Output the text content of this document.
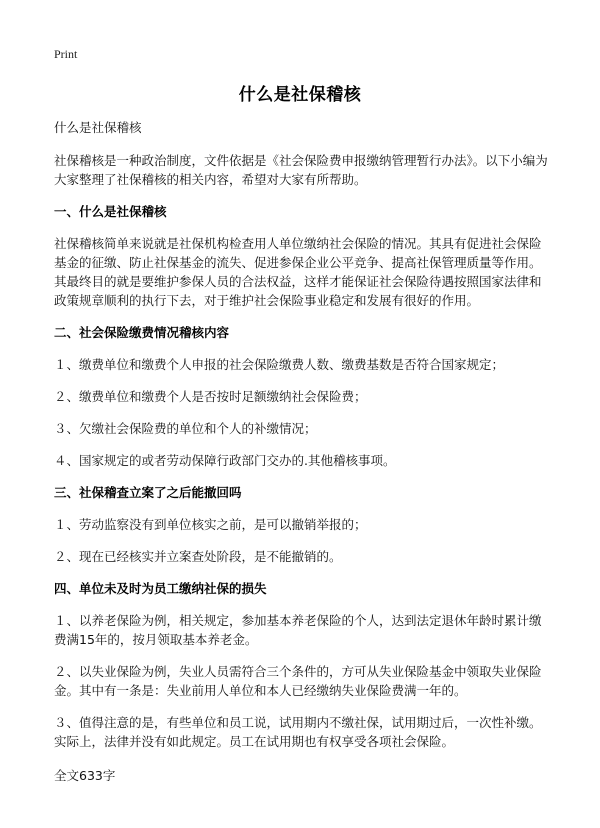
Print
什么是社保稽核

什么是社保稽核

社保稽核是一种政治制度，文件依据是《社会保险费申报缴纳管理暂行办法》。以下小编为大家整理了社保稽核的相关内容，希望对大家有所帮助。

一、什么是社保稽核

社保稽核简单来说就是社保机构检查用人单位缴纳社会保险的情况。其具有促进社会保险基金的征缴、防止社保基金的流失、促进参保企业公平竞争、提高社保管理质量等作用。其最终目的就是要维护参保人员的合法权益，这样才能保证社会保险待遇按照国家法律和政策规章顺利的执行下去，对于维护社会保险事业稳定和发展有很好的作用。

二、社会保险缴费情况稽核内容

１、缴费单位和缴费个人申报的社会保险缴费人数、缴费基数是否符合国家规定；

２、缴费单位和缴费个人是否按时足额缴纳社会保险费；

３、欠缴社会保险费的单位和个人的补缴情况；

４、国家规定的或者劳动保障行政部门交办的.其他稽核事项。

三、社保稽查立案了之后能撤回吗

１、劳动监察没有到单位核实之前，是可以撤销举报的；

２、现在已经核实并立案查处阶段，是不能撤销的。

四、单位未及时为员工缴纳社保的损失

１、以养老保险为例，相关规定，参加基本养老保险的个人，达到法定退休年龄时累计缴费满15年的，按月领取基本养老金。

２、以失业保险为例，失业人员需符合三个条件的，方可从失业保险基金中领取失业保险金。其中有一条是：失业前用人单位和本人已经缴纳失业保险费满一年的。

３、值得注意的是，有些单位和员工说，试用期内不缴社保，试用期过后，一次性补缴。实际上，法律并没有如此规定。员工在试用期也有权享受各项社会保险。

全文633字
